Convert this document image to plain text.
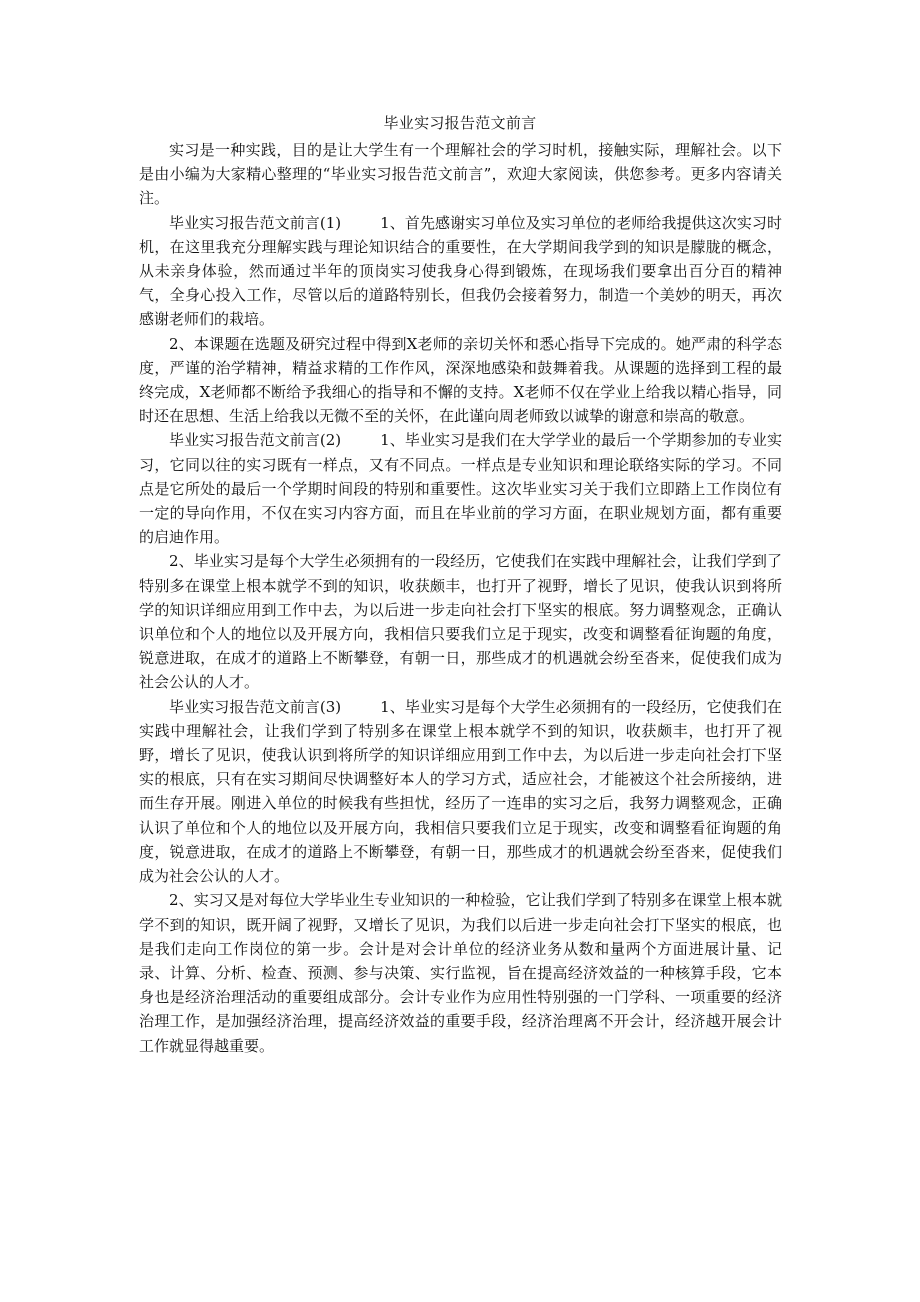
毕业实习报告范文前言

实习是一种实践，目的是让大学生有一个理解社会的学习时机，接触实际，理解社会。以下是由小编为大家精心整理的“毕业实习报告范文前言”，欢迎大家阅读，供您参考。更多内容请关注。

毕业实习报告范文前言(1)	1、首先感谢实习单位及实习单位的老师给我提供这次实习时机，在这里我充分理解实践与理论知识结合的重要性，在大学期间我学到的知识是朦胧的概念，从未亲身体验，然而通过半年的顶岗实习使我身心得到锻炼，在现场我们要拿出百分百的精神气，全身心投入工作，尽管以后的道路特别长，但我仍会接着努力，制造一个美妙的明天，再次感谢老师们的栽培。

2、本课题在选题及研究过程中得到X老师的亲切关怀和悉心指导下完成的。她严肃的科学态度，严谨的治学精神，精益求精的工作作风，深深地感染和鼓舞着我。从课题的选择到工程的最终完成，X老师都不断给予我细心的指导和不懈的支持。X老师不仅在学业上给我以精心指导，同时还在思想、生活上给我以无微不至的关怀，在此谨向周老师致以诚挚的谢意和崇高的敬意。

毕业实习报告范文前言(2)	1、毕业实习是我们在大学学业的最后一个学期参加的专业实习，它同以往的实习既有一样点，又有不同点。一样点是专业知识和理论联络实际的学习。不同点是它所处的最后一个学期时间段的特别和重要性。这次毕业实习关于我们立即踏上工作岗位有一定的导向作用，不仅在实习内容方面，而且在毕业前的学习方面，在职业规划方面，都有重要的启迪作用。

2、毕业实习是每个大学生必须拥有的一段经历，它使我们在实践中理解社会，让我们学到了特别多在课堂上根本就学不到的知识，收获颇丰，也打开了视野，增长了见识，使我认识到将所学的知识详细应用到工作中去，为以后进一步走向社会打下坚实的根底。努力调整观念，正确认识单位和个人的地位以及开展方向，我相信只要我们立足于现实，改变和调整看征询题的角度，锐意进取，在成才的道路上不断攀登，有朝一日，那些成才的机遇就会纷至沓来，促使我们成为社会公认的人才。

毕业实习报告范文前言(3)	1、毕业实习是每个大学生必须拥有的一段经历，它使我们在实践中理解社会，让我们学到了特别多在课堂上根本就学不到的知识，收获颇丰，也打开了视野，增长了见识，使我认识到将所学的知识详细应用到工作中去，为以后进一步走向社会打下坚实的根底，只有在实习期间尽快调整好本人的学习方式，适应社会，才能被这个社会所接纳，进而生存开展。刚进入单位的时候我有些担忧，经历了一连串的实习之后，我努力调整观念，正确认识了单位和个人的地位以及开展方向，我相信只要我们立足于现实，改变和调整看征询题的角度，锐意进取，在成才的道路上不断攀登，有朝一日，那些成才的机遇就会纷至沓来，促使我们成为社会公认的人才。

2、实习又是对每位大学毕业生专业知识的一种检验，它让我们学到了特别多在课堂上根本就学不到的知识，既开阔了视野，又增长了见识，为我们以后进一步走向社会打下坚实的根底，也是我们走向工作岗位的第一步。会计是对会计单位的经济业务从数和量两个方面进展计量、记录、计算、分析、检查、预测、参与决策、实行监视，旨在提高经济效益的一种核算手段，它本身也是经济治理活动的重要组成部分。会计专业作为应用性特别强的一门学科、一项重要的经济治理工作，是加强经济治理，提高经济效益的重要手段，经济治理离不开会计，经济越开展会计工作就显得越重要。
